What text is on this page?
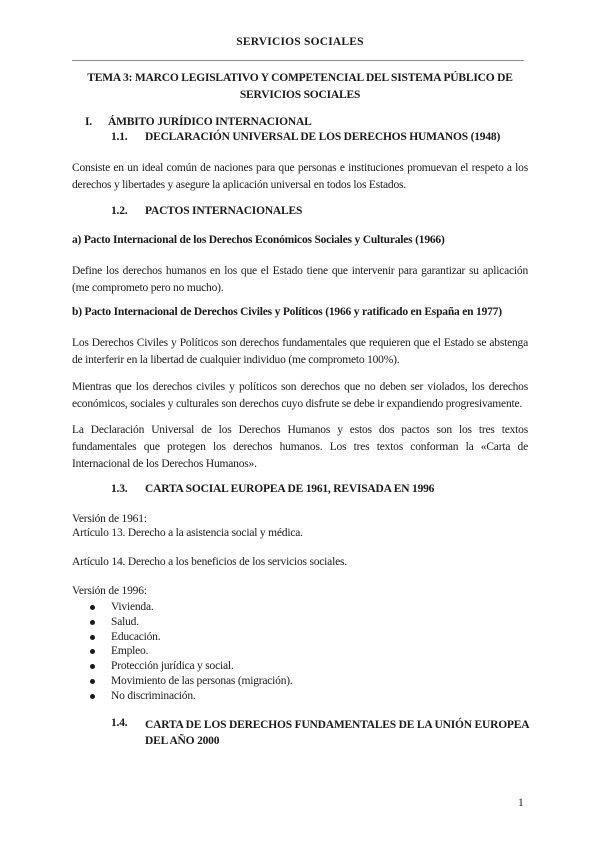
SERVICIOS SOCIALES

TEMA 3: MARCO LEGISLATIVO Y COMPETENCIAL DEL SISTEMA PÚBLICO DE SERVICIOS SOCIALES

I. ÁMBITO JURÍDICO INTERNACIONAL

1.1. DECLARACIÓN UNIVERSAL DE LOS DERECHOS HUMANOS (1948)

Consiste en un ideal común de naciones para que personas e instituciones promuevan el respeto a los derechos y libertades y asegure la aplicación universal en todos los Estados.

1.2. PACTOS INTERNACIONALES

a) Pacto Internacional de los Derechos Económicos Sociales y Culturales (1966)

Define los derechos humanos en los que el Estado tiene que intervenir para garantizar su aplicación (me comprometo pero no mucho).

b) Pacto Internacional de Derechos Civiles y Políticos (1966 y ratificado en España en 1977)

Los Derechos Civiles y Políticos son derechos fundamentales que requieren que el Estado se abstenga de interferir en la libertad de cualquier individuo (me comprometo 100%).

Mientras que los derechos civiles y políticos son derechos que no deben ser violados, los derechos económicos, sociales y culturales son derechos cuyo disfrute se debe ir expandiendo progresivamente.

La Declaración Universal de los Derechos Humanos y estos dos pactos son los tres textos fundamentales que protegen los derechos humanos. Los tres textos conforman la «Carta de Internacional de los Derechos Humanos».

1.3. CARTA SOCIAL EUROPEA DE 1961, REVISADA EN 1996

Versión de 1961:

Artículo 13. Derecho a la asistencia social y médica.

Artículo 14. Derecho a los beneficios de los servicios sociales.

Versión de 1996:

Vivienda.
Salud.
Educación.
Empleo.
Protección jurídica y social.
Movimiento de las personas (migración).
No discriminación.

1.4. CARTA DE LOS DERECHOS FUNDAMENTALES DE LA UNIÓN EUROPEA DEL AÑO 2000

1
